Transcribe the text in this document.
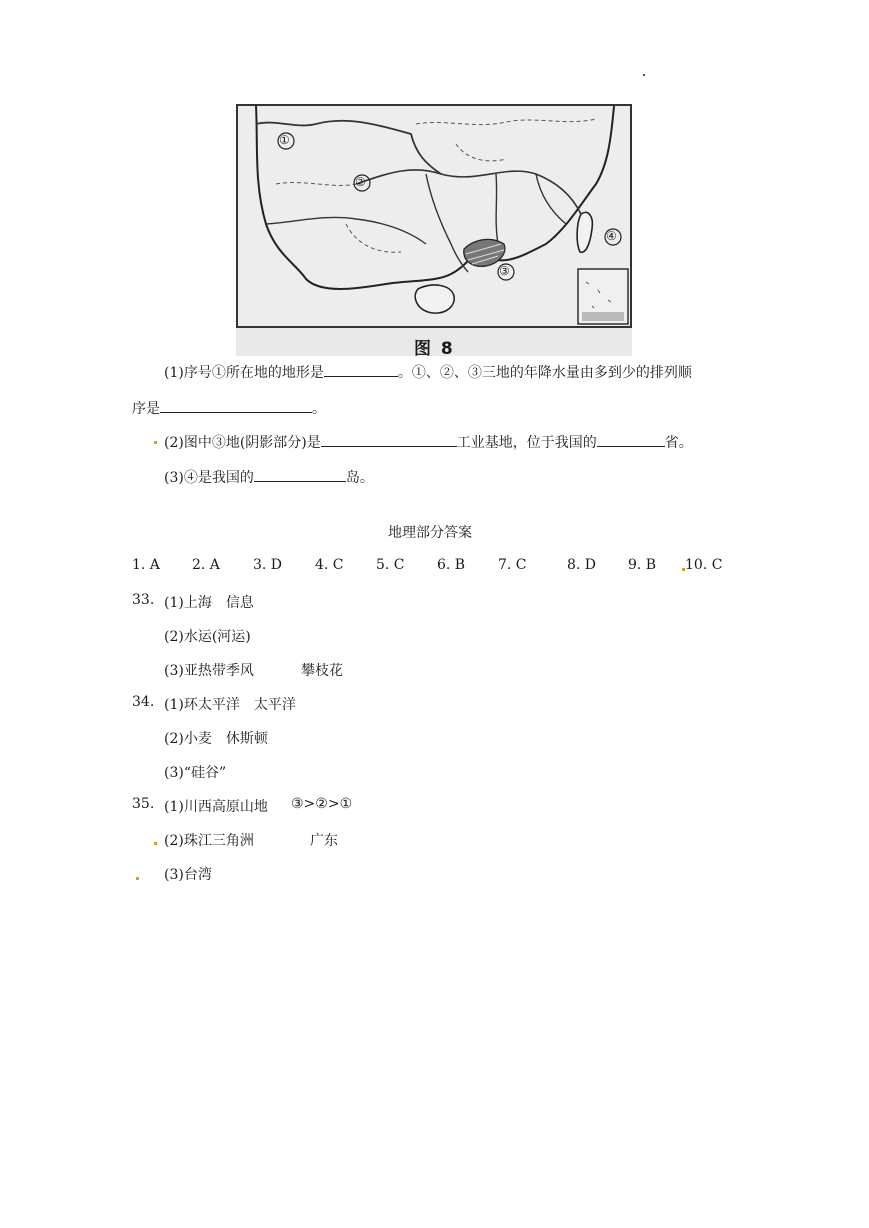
①
②
③
④
图 8
(1)序号①所在地的地形是	。①、②、③三地的年降水量由多到少的排列顺
序是	。
(2)图中③地(阴影部分)是	工业基地，位于我国的	省。
(3)④是我国的	岛。
地理部分答案
1. A 2. A 3. D 4. C 5. C 6. B 7. C	8. D 9. B 10. C
33. (1)上海　信息
(2)水运(河运)
(3)亚热带季风	攀枝花
34. (1)环太平洋　太平洋
(2)小麦　休斯顿
(3)“硅谷”
35. (1)川西高原山地 ③>②>①
(2)珠江三角洲	广东
(3)台湾
